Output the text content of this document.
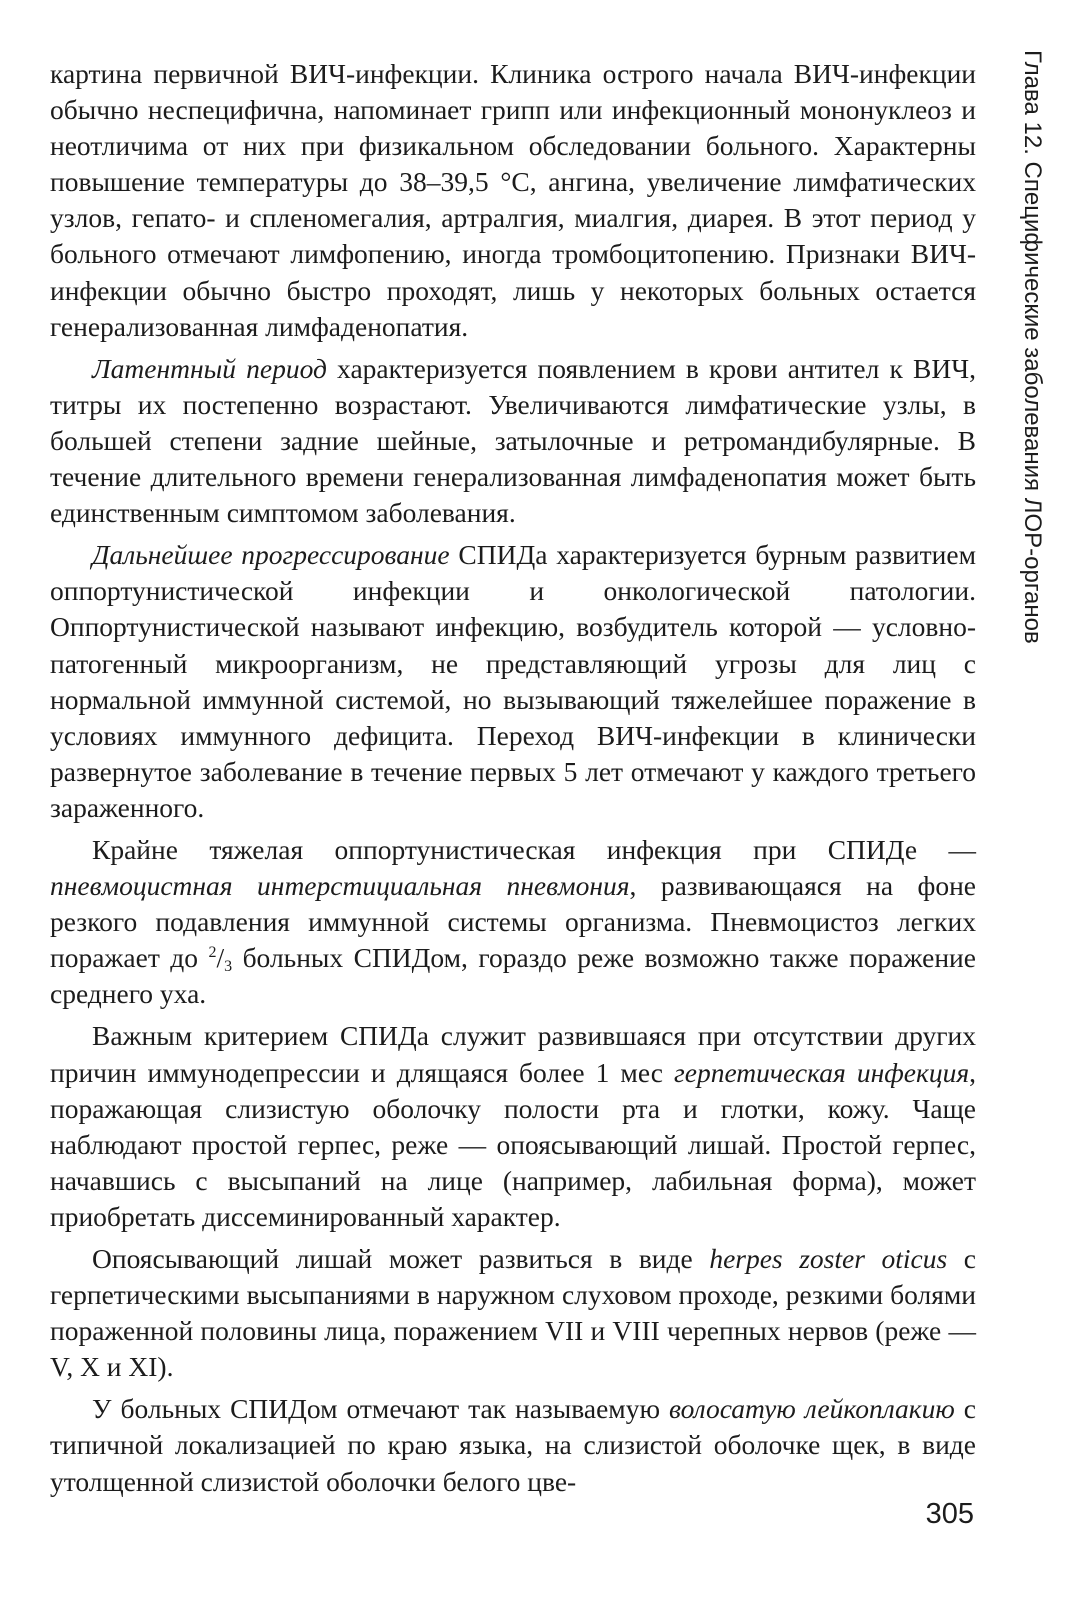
Глава 12. Специфические заболевания ЛОР-органов

картина первичной ВИЧ-инфекции. Клиника острого начала ВИЧ-инфекции обычно неспецифична, напоминает грипп или инфекционный мононуклеоз и неотличима от них при физикальном обследовании больного. Характерны повышение температуры до 38–39,5 °С, ангина, увеличение лимфатических узлов, гепато- и спленомегалия, артралгия, миалгия, диарея. В этот период у больного отмечают лимфопению, иногда тромбоцитопению. Признаки ВИЧ-инфекции обычно быстро проходят, лишь у некоторых больных остается генерализованная лимфаденопатия.

Латентный период характеризуется появлением в крови антител к ВИЧ, титры их постепенно возрастают. Увеличиваются лимфатические узлы, в большей степени задние шейные, затылочные и ретромандибулярные. В течение длительного времени генерализованная лимфаденопатия может быть единственным симптомом заболевания.

Дальнейшее прогрессирование СПИДа характеризуется бурным развитием оппортунистической инфекции и онкологической патологии. Оппортунистической называют инфекцию, возбудитель которой — условно-патогенный микроорганизм, не представляющий угрозы для лиц с нормальной иммунной системой, но вызывающий тяжелейшее поражение в условиях иммунного дефицита. Переход ВИЧ-инфекции в клинически развернутое заболевание в течение первых 5 лет отмечают у каждого третьего зараженного.

Крайне тяжелая оппортунистическая инфекция при СПИДе — пневмоцистная интерстициальная пневмония, развивающаяся на фоне резкого подавления иммунной системы организма. Пневмоцистоз легких поражает до $^2/_3$ больных СПИДом, гораздо реже возможно также поражение среднего уха.

Важным критерием СПИДа служит развившаяся при отсутствии других причин иммунодепрессии и длящаяся более 1 мес герпетическая инфекция, поражающая слизистую оболочку полости рта и глотки, кожу. Чаще наблюдают простой герпес, реже — опоясывающий лишай. Простой герпес, начавшись с высыпаний на лице (например, лабильная форма), может приобретать диссеминированный характер.

Опоясывающий лишай может развиться в виде herpes zoster oticus с герпетическими высыпаниями в наружном слуховом проходе, резкими болями пораженной половины лица, поражением VII и VIII черепных нервов (реже — V, X и XI).

У больных СПИДом отмечают так называемую волосатую лейкоплакию с типичной локализацией по краю языка, на слизистой оболочке щек, в виде утолщенной слизистой оболочки белого цве-

305
